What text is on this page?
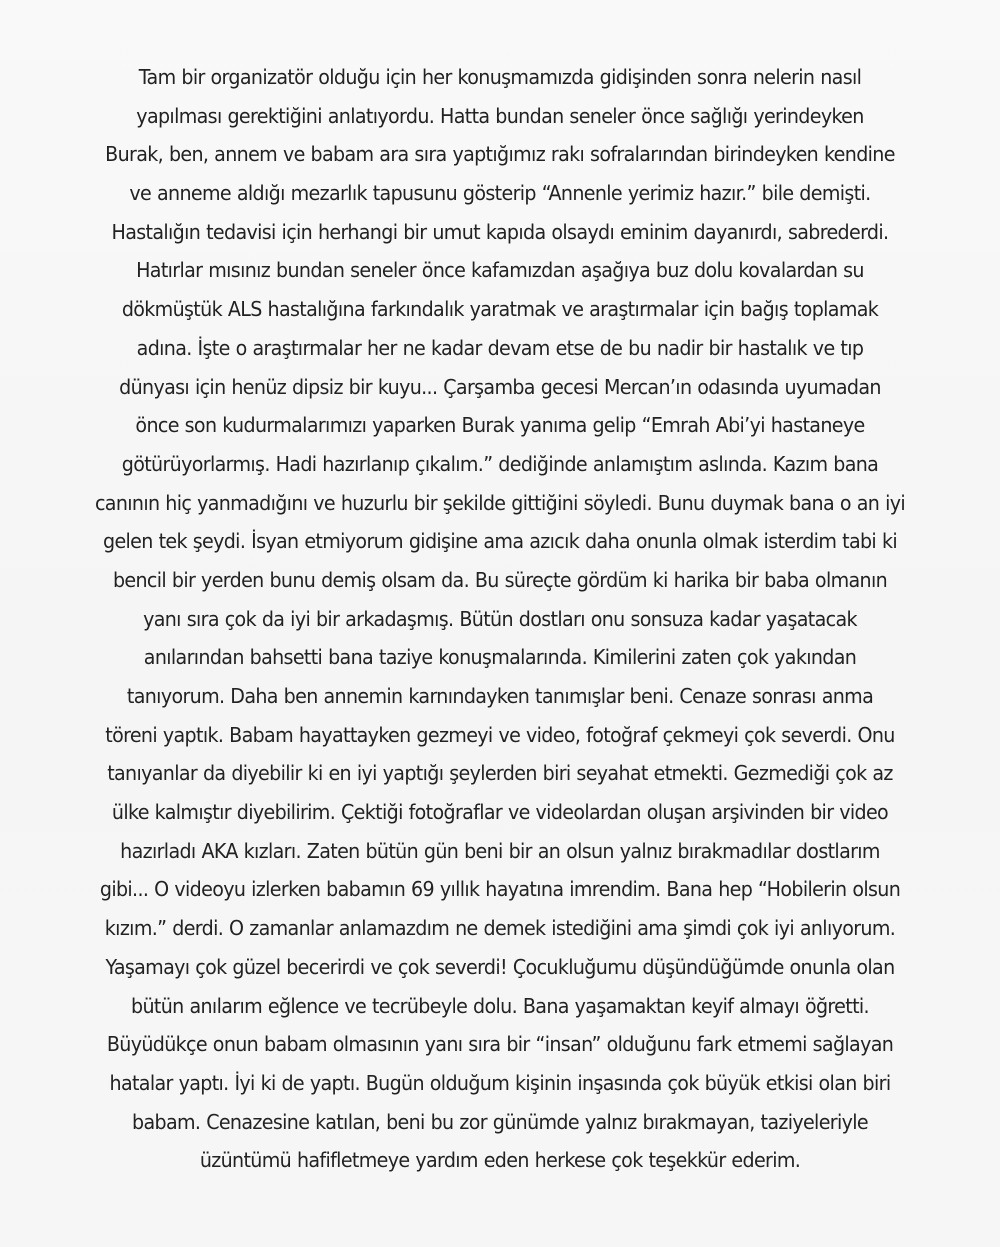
Tam bir organizatör olduğu için her konuşmamızda gidişinden sonra nelerin nasıl
yapılması gerektiğini anlatıyordu. Hatta bundan seneler önce sağlığı yerindeyken
Burak, ben, annem ve babam ara sıra yaptığımız rakı sofralarından birindeyken kendine
ve anneme aldığı mezarlık tapusunu gösterip “Annenle yerimiz hazır.” bile demişti.
Hastalığın tedavisi için herhangi bir umut kapıda olsaydı eminim dayanırdı, sabrederdi.
Hatırlar mısınız bundan seneler önce kafamızdan aşağıya buz dolu kovalardan su
dökmüştük ALS hastalığına farkındalık yaratmak ve araştırmalar için bağış toplamak
adına. İşte o araştırmalar her ne kadar devam etse de bu nadir bir hastalık ve tıp
dünyası için henüz dipsiz bir kuyu... Çarşamba gecesi Mercan’ın odasında uyumadan
önce son kudurmalarımızı yaparken Burak yanıma gelip “Emrah Abi’yi hastaneye
götürüyorlarmış. Hadi hazırlanıp çıkalım.” dediğinde anlamıştım aslında. Kazım bana
canının hiç yanmadığını ve huzurlu bir şekilde gittiğini söyledi. Bunu duymak bana o an iyi
gelen tek şeydi. İsyan etmiyorum gidişine ama azıcık daha onunla olmak isterdim tabi ki
bencil bir yerden bunu demiş olsam da. Bu süreçte gördüm ki harika bir baba olmanın
yanı sıra çok da iyi bir arkadaşmış. Bütün dostları onu sonsuza kadar yaşatacak
anılarından bahsetti bana taziye konuşmalarında. Kimilerini zaten çok yakından
tanıyorum. Daha ben annemin karnındayken tanımışlar beni. Cenaze sonrası anma
töreni yaptık. Babam hayattayken gezmeyi ve video, fotoğraf çekmeyi çok severdi. Onu
tanıyanlar da diyebilir ki en iyi yaptığı şeylerden biri seyahat etmekti. Gezmediği çok az
ülke kalmıştır diyebilirim. Çektiği fotoğraflar ve videolardan oluşan arşivinden bir video
hazırladı AKA kızları. Zaten bütün gün beni bir an olsun yalnız bırakmadılar dostlarım
gibi... O videoyu izlerken babamın 69 yıllık hayatına imrendim. Bana hep “Hobilerin olsun
kızım.” derdi. O zamanlar anlamazdım ne demek istediğini ama şimdi çok iyi anlıyorum.
Yaşamayı çok güzel becerirdi ve çok severdi! Çocukluğumu düşündüğümde onunla olan
bütün anılarım eğlence ve tecrübeyle dolu. Bana yaşamaktan keyif almayı öğretti.
Büyüdükçe onun babam olmasının yanı sıra bir “insan” olduğunu fark etmemi sağlayan
hatalar yaptı. İyi ki de yaptı. Bugün olduğum kişinin inşasında çok büyük etkisi olan biri
babam. Cenazesine katılan, beni bu zor günümde yalnız bırakmayan, taziyeleriyle
üzüntümü hafifletmeye yardım eden herkese çok teşekkür ederim.
